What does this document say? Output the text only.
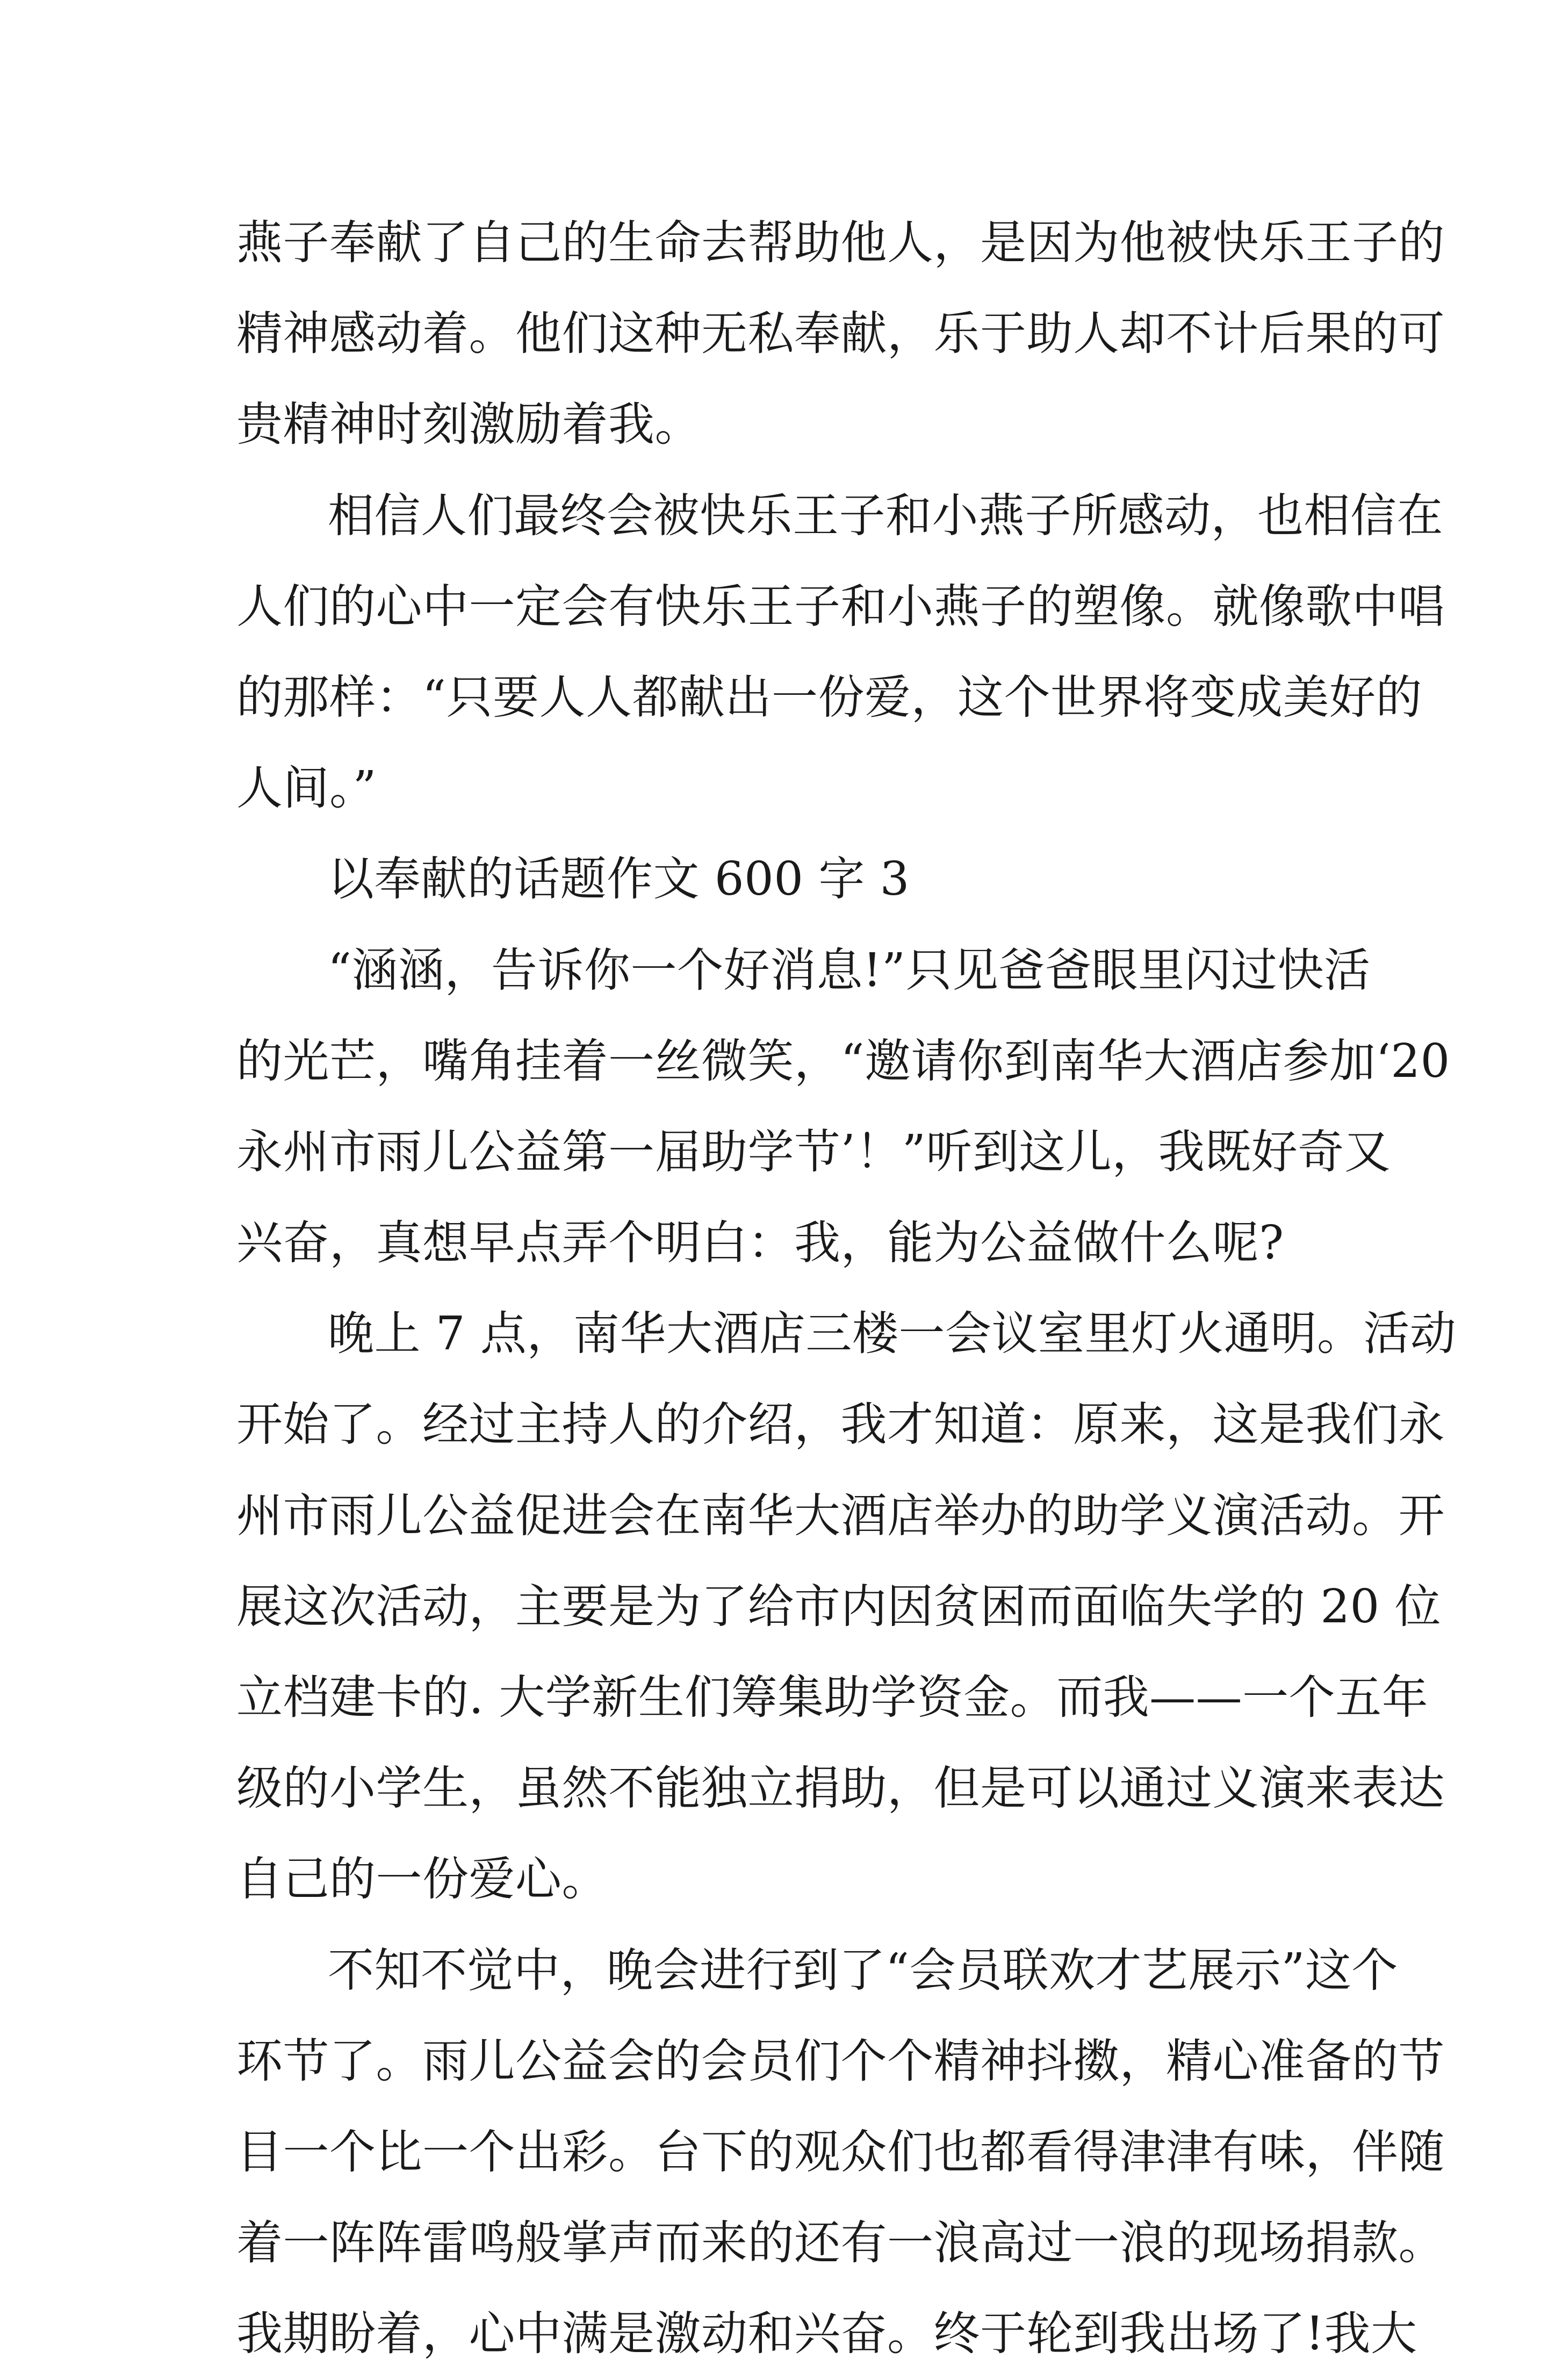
燕子奉献了自己的生命去帮助他人，是因为他被快乐王子的
精神感动着。他们这种无私奉献，乐于助人却不计后果的可
贵精神时刻激励着我。
相信人们最终会被快乐王子和小燕子所感动，也相信在
人们的心中一定会有快乐王子和小燕子的塑像。就像歌中唱
的那样：“只要人人都献出一份爱，这个世界将变成美好的
人间。”
以奉献的话题作文 600 字 3
“涵涵，告诉你一个好消息!”只见爸爸眼里闪过快活
的光芒，嘴角挂着一丝微笑，“邀请你到南华大酒店参加‘20
永州市雨儿公益第一届助学节’！”听到这儿，我既好奇又
兴奋，真想早点弄个明白：我，能为公益做什么呢?
晚上 7 点，南华大酒店三楼一会议室里灯火通明。活动
开始了。经过主持人的介绍，我才知道：原来，这是我们永
州市雨儿公益促进会在南华大酒店举办的助学义演活动。开
展这次活动，主要是为了给市内因贫困而面临失学的 20 位
立档建卡的. 大学新生们筹集助学资金。而我——一个五年
级的小学生，虽然不能独立捐助，但是可以通过义演来表达
自己的一份爱心。
不知不觉中，晚会进行到了“会员联欢才艺展示”这个
环节了。雨儿公益会的会员们个个精神抖擞，精心准备的节
目一个比一个出彩。台下的观众们也都看得津津有味，伴随
着一阵阵雷鸣般掌声而来的还有一浪高过一浪的现场捐款。
我期盼着，心中满是激动和兴奋。终于轮到我出场了!我大
